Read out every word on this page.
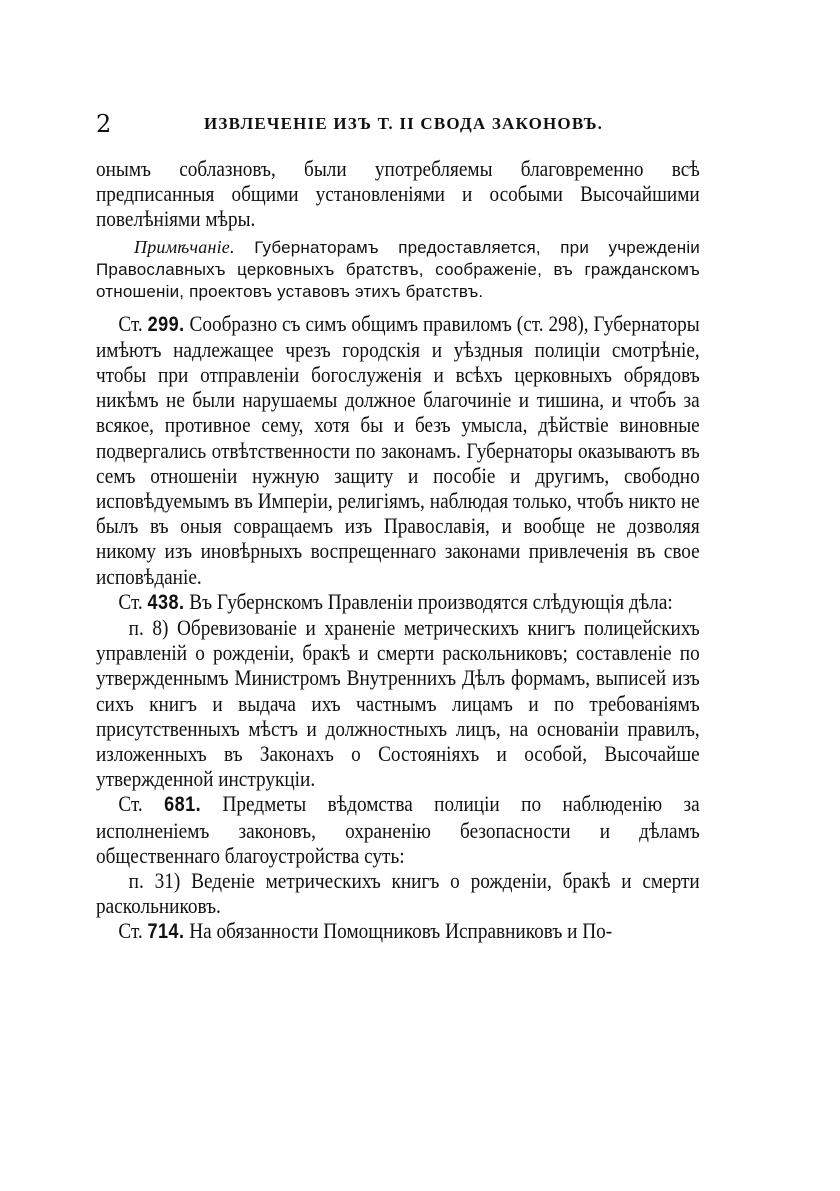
2	ИЗВЛЕЧЕНІЕ ИЗЪ Т. II СВОДА ЗАКОНОВЪ.

онымъ соблазновъ, были употребляемы благовременно всѣ предписанныя общими установленіями и особыми Высочайшими повелѣніями мѣры.

Примѣчаніе. Губернаторамъ предоставляется, при учрежденіи Православныхъ церковныхъ братствъ, соображеніе, въ гражданскомъ отношеніи, проектовъ уставовъ этихъ братствъ.

Ст. 299. Сообразно съ симъ общимъ правиломъ (ст. 298), Губернаторы имѣютъ надлежащее чрезъ городскія и уѣздныя полиціи смотрѣніе, чтобы при отправленіи богослуженія и всѣхъ церковныхъ обрядовъ никѣмъ не были нарушаемы должное благочиніе и тишина, и чтобъ за всякое, противное сему, хотя бы и безъ умысла, дѣйствіе виновные подвергались отвѣтственности по законамъ. Губернаторы оказываютъ въ семъ отношеніи нужную защиту и пособіе и другимъ, свободно исповѣдуемымъ въ Имперіи, религіямъ, наблюдая только, чтобъ никто не былъ въ оныя совращаемъ изъ Православія, и вообще не дозволяя никому изъ иновѣрныхъ воспрещеннаго законами привлеченія въ свое исповѣданіе.

Ст. 438. Въ Губернскомъ Правленіи производятся слѣдующія дѣла:

п. 8) Обревизованіе и храненіе метрическихъ книгъ полицейскихъ управленій о рожденіи, бракѣ и смерти раскольниковъ; составленіе по утвержденнымъ Министромъ Внутреннихъ Дѣлъ формамъ, выписей изъ сихъ книгъ и выдача ихъ частнымъ лицамъ и по требованіямъ присутственныхъ мѣстъ и должностныхъ лицъ, на основаніи правилъ, изложенныхъ въ Законахъ о Состояніяхъ и особой, Высочайше утвержденной инструкціи.

Ст. 681. Предметы вѣдомства полиціи по наблюденію за исполненіемъ законовъ, охраненію безопасности и дѣламъ общественнаго благоустройства суть:

п. 31) Веденіе метрическихъ книгъ о рожденіи, бракѣ и смерти раскольниковъ.

Ст. 714. На обязанности Помощниковъ Исправниковъ и По-
